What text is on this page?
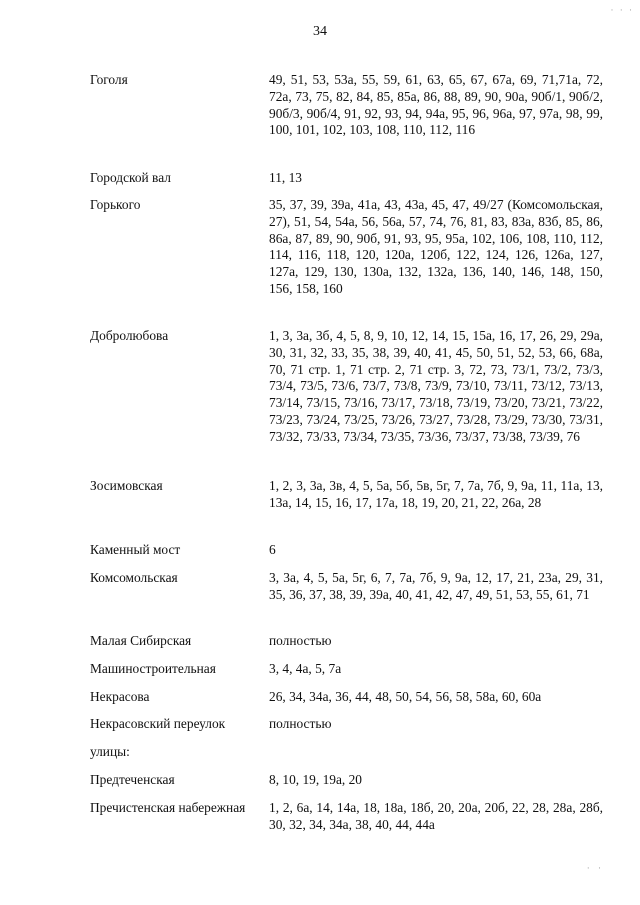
· · ·
34
Гоголя	49, 51, 53, 53а, 55, 59, 61, 63, 65, 67, 67а, 69, 71,71а, 72, 72а, 73, 75, 82, 84, 85, 85а, 86, 88, 89, 90, 90а, 90б/1, 90б/2, 90б/3, 90б/4, 91, 92, 93, 94, 94а, 95, 96, 96а, 97, 97а, 98, 99, 100, 101, 102, 103, 108, 110, 112, 116
Городской вал	11, 13
Горького	35, 37, 39, 39а, 41а, 43, 43а, 45, 47, 49/27 (Комсомольская, 27), 51, 54, 54а, 56, 56а, 57, 74, 76, 81, 83, 83а, 83б, 85, 86, 86а, 87, 89, 90, 90б, 91, 93, 95, 95а, 102, 106, 108, 110, 112, 114, 116, 118, 120, 120а, 120б, 122, 124, 126, 126а, 127, 127а, 129, 130, 130а, 132, 132а, 136, 140, 146, 148, 150, 156, 158, 160
Добролюбова	1, 3, 3а, 3б, 4, 5, 8, 9, 10, 12, 14, 15, 15а, 16, 17, 26, 29, 29а, 30, 31, 32, 33, 35, 38, 39, 40, 41, 45, 50, 51, 52, 53, 66, 68а, 70, 71 стр. 1, 71 стр. 2, 71 стр. 3, 72, 73, 73/1, 73/2, 73/3, 73/4, 73/5, 73/6, 73/7, 73/8, 73/9, 73/10, 73/11, 73/12, 73/13, 73/14, 73/15, 73/16, 73/17, 73/18, 73/19, 73/20, 73/21, 73/22, 73/23, 73/24, 73/25, 73/26, 73/27, 73/28, 73/29, 73/30, 73/31, 73/32, 73/33, 73/34, 73/35, 73/36, 73/37, 73/38, 73/39, 76
Зосимовская	1, 2, 3, 3а, 3в, 4, 5, 5а, 5б, 5в, 5г, 7, 7а, 7б, 9, 9а, 11, 11а, 13, 13а, 14, 15, 16, 17, 17а, 18, 19, 20, 21, 22, 26а, 28
Каменный мост	6
Комсомольская	3, 3а, 4, 5, 5а, 5г, 6, 7, 7а, 7б, 9, 9а, 12, 17, 21, 23а, 29, 31, 35, 36, 37, 38, 39, 39а, 40, 41, 42, 47, 49, 51, 53, 55, 61, 71
Малая Сибирская	полностью
Машиностроительная	3, 4, 4а, 5, 7а
Некрасова	26, 34, 34а, 36, 44, 48, 50, 54, 56, 58, 58а, 60, 60а
Некрасовский переулок	полностью
улицы:
Предтеченская	8, 10, 19, 19а, 20
Пречистенская набережная	1, 2, 6а, 14, 14а, 18, 18а, 18б, 20, 20а, 20б, 22, 28, 28а, 28б, 30, 32, 34, 34а, 38, 40, 44, 44а
· ·
